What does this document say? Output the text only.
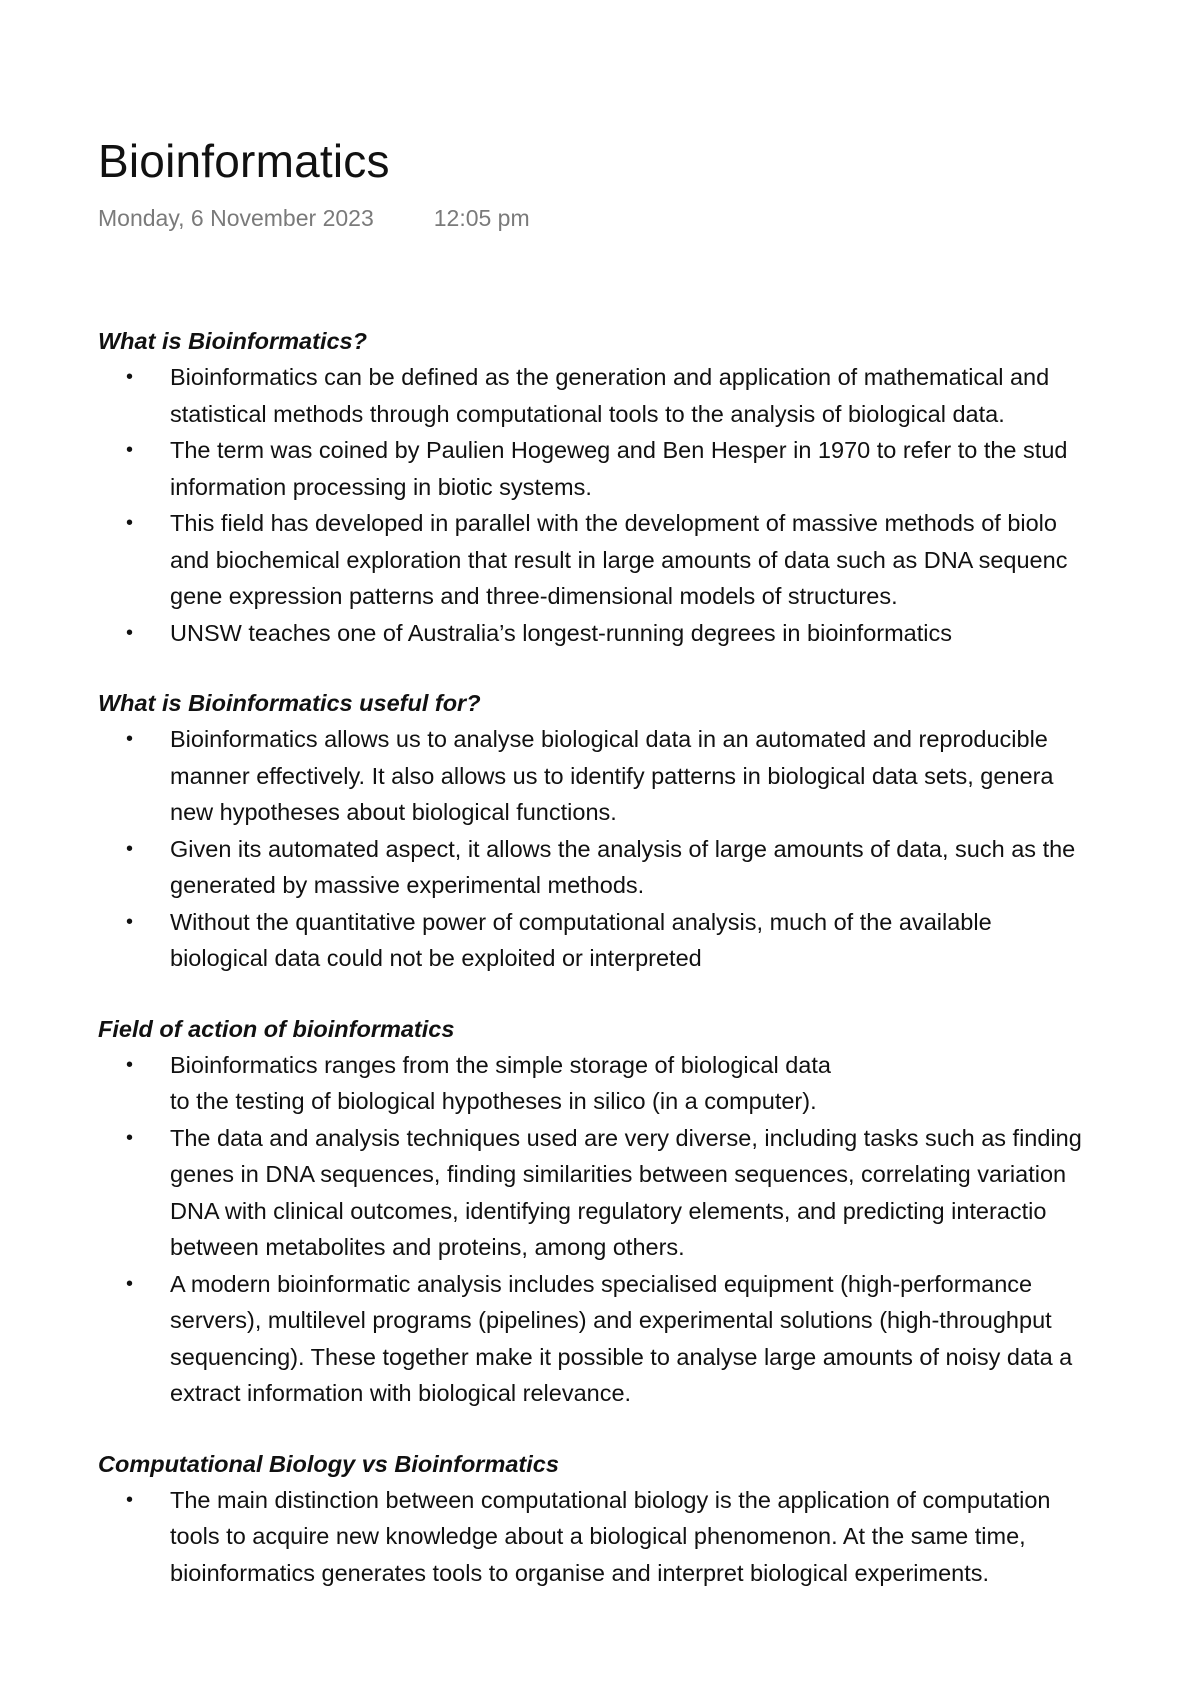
Bioinformatics
Monday, 6 November 2023	12:05 pm
What is Bioinformatics?
• Bioinformatics can be defined as the generation and application of mathematical and
statistical methods through computational tools to the analysis of biological data.
• The term was coined by Paulien Hogeweg and Ben Hesper in 1970 to refer to the stud
information processing in biotic systems.
• This field has developed in parallel with the development of massive methods of biolo
and biochemical exploration that result in large amounts of data such as DNA sequenc
gene expression patterns and three-dimensional models of structures.
• UNSW teaches one of Australia’s longest-running degrees in bioinformatics
What is Bioinformatics useful for?
• Bioinformatics allows us to analyse biological data in an automated and reproducible
manner effectively. It also allows us to identify patterns in biological data sets, genera
new hypotheses about biological functions.
• Given its automated aspect, it allows the analysis of large amounts of data, such as the
generated by massive experimental methods.
• Without the quantitative power of computational analysis, much of the available
biological data could not be exploited or interpreted
Field of action of bioinformatics
• Bioinformatics ranges from the simple storage of biological data
to the testing of biological hypotheses in silico (in a computer).
• The data and analysis techniques used are very diverse, including tasks such as finding
genes in DNA sequences, finding similarities between sequences, correlating variation
DNA with clinical outcomes, identifying regulatory elements, and predicting interactio
between metabolites and proteins, among others.
• A modern bioinformatic analysis includes specialised equipment (high-performance
servers), multilevel programs (pipelines) and experimental solutions (high-throughput
sequencing). These together make it possible to analyse large amounts of noisy data a
extract information with biological relevance.
Computational Biology vs Bioinformatics
• The main distinction between computational biology is the application of computation
tools to acquire new knowledge about a biological phenomenon. At the same time,
bioinformatics generates tools to organise and interpret biological experiments.
